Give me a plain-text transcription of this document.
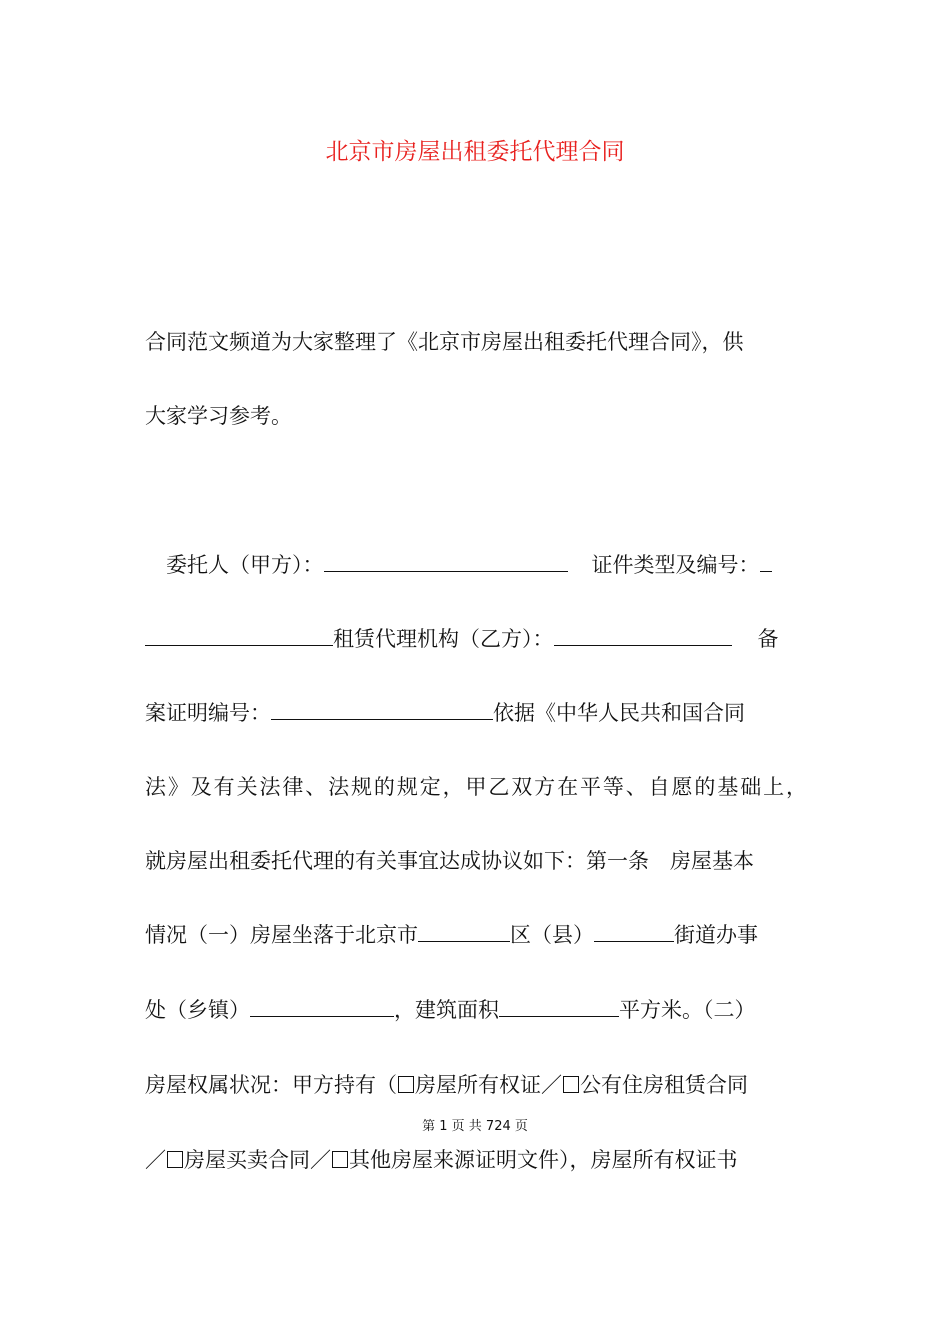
北京市房屋出租委托代理合同
合同范文频道为大家整理了《北京市房屋出租委托代理合同》，供
大家学习参考。
委托人（甲方）：	证件类型及编号：
租赁代理机构（乙方）：	备
案证明编号：	依据《中华人民共和国合同
法》及有关法律、法规的规定，甲乙双方在平等、自愿的基础上，
就房屋出租委托代理的有关事宜达成协议如下：第一条　房屋基本
情况（一）房屋坐落于北京市	区（县）	街道办事
处（乡镇）	，建筑面积	平方米。（二）
房屋权属状况：甲方持有（ 房屋所有权证／ 公有住房租赁合同
第 1 页 共 724 页
／ 房屋买卖合同／ 其他房屋来源证明文件），房屋所有权证书
